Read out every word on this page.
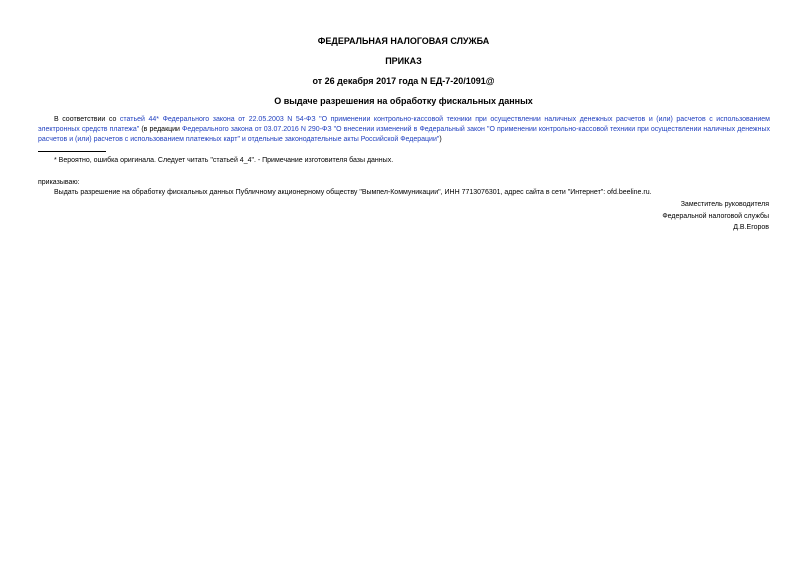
ФЕДЕРАЛЬНАЯ НАЛОГОВАЯ СЛУЖБА
ПРИКАЗ
от 26 декабря 2017 года N ЕД-7-20/1091@
О выдаче разрешения на обработку фискальных данных
В соответствии со статьей 44* Федерального закона от 22.05.2003 N 54-ФЗ "О применении контрольно-кассовой техники при осуществлении наличных денежных расчетов и (или) расчетов с использованием электронных средств платежа" (в редакции Федерального закона от 03.07.2016 N 290-ФЗ "О внесении изменений в Федеральный закон "О применении контрольно-кассовой техники при осуществлении наличных денежных расчетов и (или) расчетов с использованием платежных карт" и отдельные законодательные акты Российской Федерации")
* Вероятно, ошибка оригинала. Следует читать "статьей 4_4". - Примечание изготовителя базы данных.
приказываю:
Выдать разрешение на обработку фискальных данных Публичному акционерному обществу "Вымпел-Коммуникации", ИНН 7713076301, адрес сайта в сети "Интернет": ofd.beeline.ru.
Заместитель руководителя
Федеральной налоговой службы
Д.В.Егоров
